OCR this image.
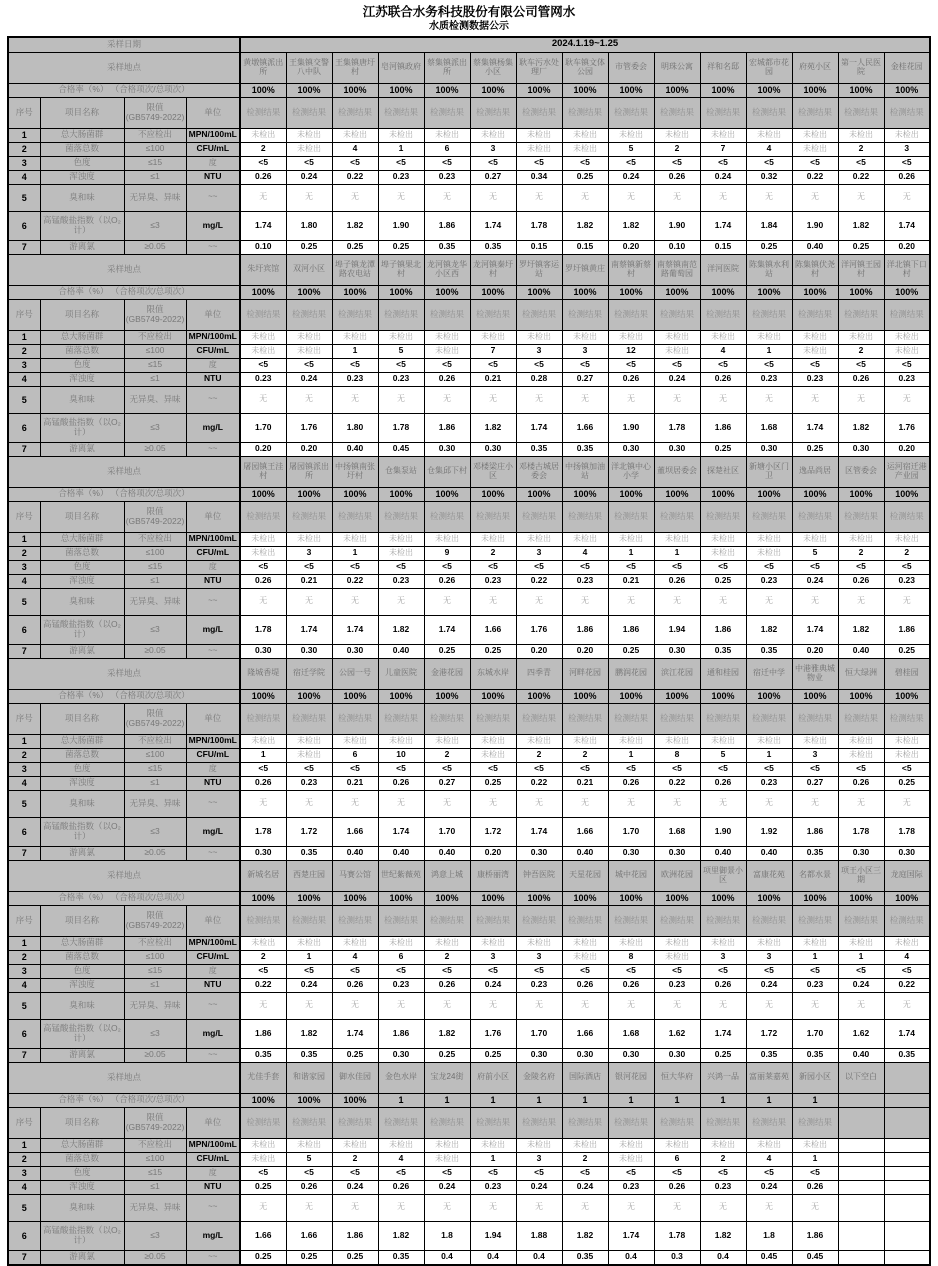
江苏联合水务科技股份有限公司管网水
水质检测数据公示
采样日期				2024.1.19~1.25														
采样地点				黄墩镇派出所	王集镇交警八中队	王集镇唐圩村	皂河镇政府	蔡集镇派出所	蔡集镇杨集小区	耿车污水处理厂	耿车镇文体公园	市管委会	明珠公寓	祥和名邸	宏城都市花园	府苑小区	第一人民医院	金桂花园
合格率（%） （合格项次/总项次）				100%	100%	100%	100%	100%	100%	100%	100%	100%	100%	100%	100%	100%	100%	100%
序号	项目名称	限值
(GB5749-2022)	单位	检测结果	检测结果	检测结果	检测结果	检测结果	检测结果	检测结果	检测结果	检测结果	检测结果	检测结果	检测结果	检测结果	检测结果	检测结果
1	总大肠菌群	不应检出	MPN/100mL	未检出	未检出	未检出	未检出	未检出	未检出	未检出	未检出	未检出	未检出	未检出	未检出	未检出	未检出	未检出
2	菌落总数	≤100	CFU/mL	2	未检出	4	1	6	3	未检出	未检出	5	2	7	4	未检出	2	3
3	色度	≤15	度	<5	<5	<5	<5	<5	<5	<5	<5	<5	<5	<5	<5	<5	<5	<5
4	浑浊度	≤1	NTU	0.26	0.24	0.22	0.23	0.23	0.27	0.34	0.25	0.24	0.26	0.24	0.32	0.22	0.22	0.26
5	臭和味	无异臭、异味	~~	无	无	无	无	无	无	无	无	无	无	无	无	无	无	无
6	高锰酸盐指数（以O₂计）	≤3	mg/L	1.74	1.80	1.82	1.90	1.86	1.74	1.78	1.82	1.82	1.90	1.74	1.84	1.90	1.82	1.74
7	游离氯	≥0.05	~~	0.10	0.25	0.25	0.25	0.35	0.35	0.15	0.15	0.20	0.10	0.15	0.25	0.40	0.25	0.20
采样地点				朱圩宾馆	双河小区	埠子镇龙潭路农电站	埠子镇果北村	龙河镇龙华小区西	龙河镇秦圩村	罗圩镇客运站	罗圩镇黄庄	南蔡镇新蔡村	南蔡镇南范路葡萄园	洋河医院	陈集镇水利站	陈集镇伏尧村	洋河镇王园村	洋北镇下口村
合格率（%） （合格项次/总项次）				100%	100%	100%	100%	100%	100%	100%	100%	100%	100%	100%	100%	100%	100%	100%
序号	项目名称	限值
(GB5749-2022)	单位	检测结果	检测结果	检测结果	检测结果	检测结果	检测结果	检测结果	检测结果	检测结果	检测结果	检测结果	检测结果	检测结果	检测结果	检测结果
1	总大肠菌群	不应检出	MPN/100mL	未检出	未检出	未检出	未检出	未检出	未检出	未检出	未检出	未检出	未检出	未检出	未检出	未检出	未检出	未检出
2	菌落总数	≤100	CFU/mL	未检出	未检出	1	5	未检出	7	3	3	12	未检出	4	1	未检出	2	未检出
3	色度	≤15	度	<5	<5	<5	<5	<5	<5	<5	<5	<5	<5	<5	<5	<5	<5	<5
4	浑浊度	≤1	NTU	0.23	0.24	0.23	0.23	0.26	0.21	0.28	0.27	0.26	0.24	0.26	0.23	0.23	0.26	0.23
5	臭和味	无异臭、异味	~~	无	无	无	无	无	无	无	无	无	无	无	无	无	无	无
6	高锰酸盐指数（以O₂计）	≤3	mg/L	1.70	1.76	1.80	1.78	1.86	1.82	1.74	1.66	1.90	1.78	1.86	1.68	1.74	1.82	1.76
7	游离氯	≥0.05	~~	0.20	0.20	0.40	0.45	0.30	0.30	0.35	0.35	0.30	0.30	0.25	0.30	0.25	0.30	0.20
采样地点				屠园镇王洼村	屠园镇派出所	中扬镇南张圩村	仓集泵站	仓集邱下村	邓楼梁庄小区	邓楼古城居委会	中扬镇加油站	洋北镇中心小学	董坝居委会	探楚社区	新塘小区门卫	逸品尚居	区管委会	运河宿迁港产业园
合格率（%） （合格项次/总项次）				100%	100%	100%	100%	100%	100%	100%	100%	100%	100%	100%	100%	100%	100%	100%
序号	项目名称	限值
(GB5749-2022)	单位	检测结果	检测结果	检测结果	检测结果	检测结果	检测结果	检测结果	检测结果	检测结果	检测结果	检测结果	检测结果	检测结果	检测结果	检测结果
1	总大肠菌群	不应检出	MPN/100mL	未检出	未检出	未检出	未检出	未检出	未检出	未检出	未检出	未检出	未检出	未检出	未检出	未检出	未检出	未检出
2	菌落总数	≤100	CFU/mL	未检出	3	1	未检出	9	2	3	4	1	1	未检出	未检出	5	2	2
3	色度	≤15	度	<5	<5	<5	<5	<5	<5	<5	<5	<5	<5	<5	<5	<5	<5	<5
4	浑浊度	≤1	NTU	0.26	0.21	0.22	0.23	0.26	0.23	0.22	0.23	0.21	0.26	0.25	0.23	0.24	0.26	0.23
5	臭和味	无异臭、异味	~~	无	无	无	无	无	无	无	无	无	无	无	无	无	无	无
6	高锰酸盐指数（以O₂计）	≤3	mg/L	1.78	1.74	1.74	1.82	1.74	1.66	1.76	1.86	1.86	1.94	1.86	1.82	1.74	1.82	1.86
7	游离氯	≥0.05	~~	0.30	0.30	0.30	0.40	0.25	0.25	0.20	0.20	0.25	0.30	0.35	0.35	0.20	0.40	0.25
采样地点				隆城香堤	宿迁学院	公园一号	儿童医院	金港花园	东城水岸	四季青	河畔花园	鹏润花园	滨江花园	通和桂园	宿迁中学	中港雅典城物业	恒大绿洲	碧桂园
合格率（%） （合格项次/总项次）				100%	100%	100%	100%	100%	100%	100%	100%	100%	100%	100%	100%	100%	100%	100%
序号	项目名称	限值
(GB5749-2022)	单位	检测结果	检测结果	检测结果	检测结果	检测结果	检测结果	检测结果	检测结果	检测结果	检测结果	检测结果	检测结果	检测结果	检测结果	检测结果
1	总大肠菌群	不应检出	MPN/100mL	未检出	未检出	未检出	未检出	未检出	未检出	未检出	未检出	未检出	未检出	未检出	未检出	未检出	未检出	未检出
2	菌落总数	≤100	CFU/mL	1	未检出	6	10	2	未检出	2	2	1	8	5	1	3	未检出	未检出
3	色度	≤15	度	<5	<5	<5	<5	<5	<5	<5	<5	<5	<5	<5	<5	<5	<5	<5
4	浑浊度	≤1	NTU	0.26	0.23	0.21	0.26	0.27	0.25	0.22	0.21	0.26	0.22	0.26	0.23	0.27	0.26	0.25
5	臭和味	无异臭、异味	~~	无	无	无	无	无	无	无	无	无	无	无	无	无	无	无
6	高锰酸盐指数（以O₂计）	≤3	mg/L	1.78	1.72	1.66	1.74	1.70	1.72	1.74	1.66	1.70	1.68	1.90	1.92	1.86	1.78	1.78
7	游离氯	≥0.05	~~	0.30	0.35	0.40	0.40	0.40	0.20	0.30	0.40	0.30	0.30	0.40	0.40	0.35	0.30	0.30
采样地点				新城名居	西楚庄园	马赛公馆	世纪紫薇苑	鸿意上城	康桥丽湾	钟吾医院	天星花园	城中花园	欧洲花园	项里御景小区	富康花苑	名都水景	项王小区三期	龙庭国际
合格率（%） （合格项次/总项次）				100%	100%	100%	100%	100%	100%	100%	100%	100%	100%	100%	100%	100%	100%	100%
序号	项目名称	限值
(GB5749-2022)	单位	检测结果	检测结果	检测结果	检测结果	检测结果	检测结果	检测结果	检测结果	检测结果	检测结果	检测结果	检测结果	检测结果	检测结果	检测结果
1	总大肠菌群	不应检出	MPN/100mL	未检出	未检出	未检出	未检出	未检出	未检出	未检出	未检出	未检出	未检出	未检出	未检出	未检出	未检出	未检出
2	菌落总数	≤100	CFU/mL	2	1	4	6	2	3	3	未检出	8	未检出	3	3	1	1	4
3	色度	≤15	度	<5	<5	<5	<5	<5	<5	<5	<5	<5	<5	<5	<5	<5	<5	<5
4	浑浊度	≤1	NTU	0.22	0.24	0.26	0.23	0.26	0.24	0.23	0.26	0.26	0.23	0.26	0.24	0.23	0.24	0.22
5	臭和味	无异臭、异味	~~	无	无	无	无	无	无	无	无	无	无	无	无	无	无	无
6	高锰酸盐指数（以O₂计）	≤3	mg/L	1.86	1.82	1.74	1.86	1.82	1.76	1.70	1.66	1.68	1.62	1.74	1.72	1.70	1.62	1.74
7	游离氯	≥0.05	~~	0.35	0.35	0.25	0.30	0.25	0.25	0.30	0.30	0.30	0.30	0.25	0.35	0.35	0.40	0.35
采样地点				尤佳手套	和谐家园	御水佳园	金色水岸	宝龙24街	府前小区	金陵名府	国际酒店	银河花园	恒大华府	兴鸿一品	富丽莱嘉苑	新园小区	以下空白	
合格率（%） （合格项次/总项次）				100%	100%	100%	1	1	1	1	1	1	1	1	1	1		
序号	项目名称	限值
(GB5749-2022)	单位	检测结果	检测结果	检测结果	检测结果	检测结果	检测结果	检测结果	检测结果	检测结果	检测结果	检测结果	检测结果	检测结果		
1	总大肠菌群	不应检出	MPN/100mL	未检出	未检出	未检出	未检出	未检出	未检出	未检出	未检出	未检出	未检出	未检出	未检出	未检出		
2	菌落总数	≤100	CFU/mL	未检出	5	2	4	未检出	1	3	2	未检出	6	2	4	1		
3	色度	≤15	度	<5	<5	<5	<5	<5	<5	<5	<5	<5	<5	<5	<5	<5		
4	浑浊度	≤1	NTU	0.25	0.26	0.24	0.26	0.24	0.23	0.24	0.24	0.23	0.26	0.23	0.24	0.26		
5	臭和味	无异臭、异味	~~	无	无	无	无	无	无	无	无	无	无	无	无	无		
6	高锰酸盐指数（以O₂计）	≤3	mg/L	1.66	1.66	1.86	1.82	1.8	1.94	1.88	1.82	1.74	1.78	1.82	1.8	1.86		
7	游离氯	≥0.05	~~	0.25	0.25	0.25	0.35	0.4	0.4	0.4	0.35	0.4	0.3	0.4	0.45	0.45		
